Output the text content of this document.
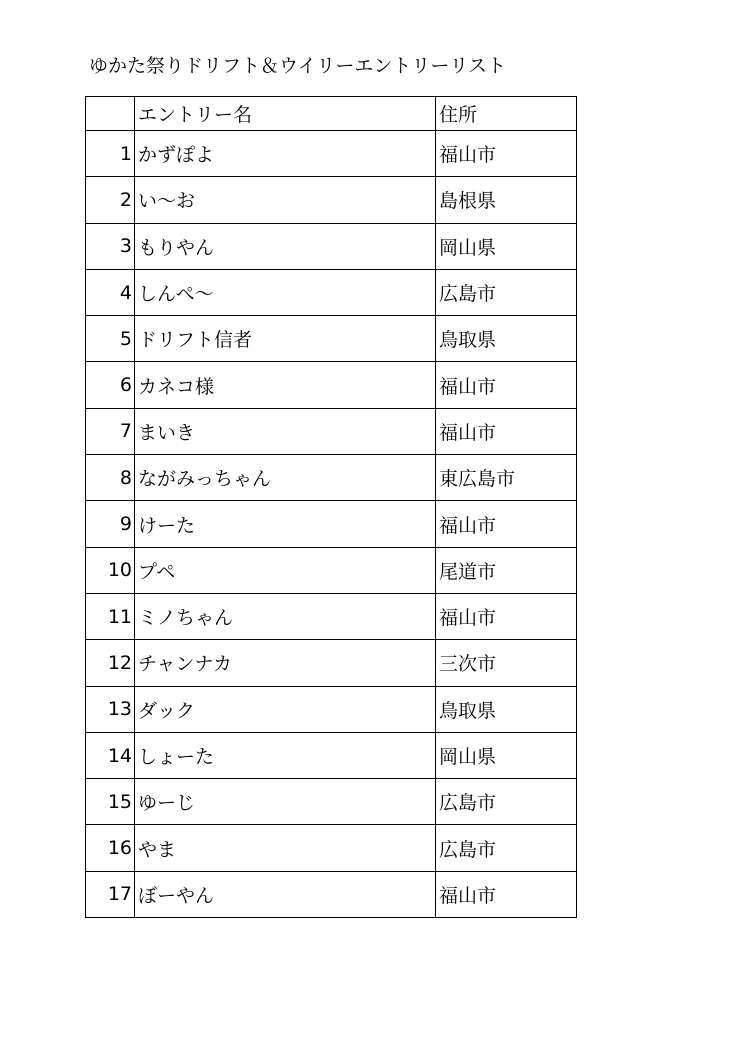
ゆかた祭りドリフト＆ウイリーエントリーリスト
	エントリー名	住所
1	かずぽよ	福山市
2	い～お	島根県
3	もりやん	岡山県
4	しんぺ～	広島市
5	ドリフト信者	鳥取県
6	カネコ様	福山市
7	まいき	福山市
8	ながみっちゃん	東広島市
9	けーた	福山市
10	プペ	尾道市
11	ミノちゃん	福山市
12	チャンナカ	三次市
13	ダック	鳥取県
14	しょーた	岡山県
15	ゆーじ	広島市
16	やま	広島市
17	ぼーやん	福山市
